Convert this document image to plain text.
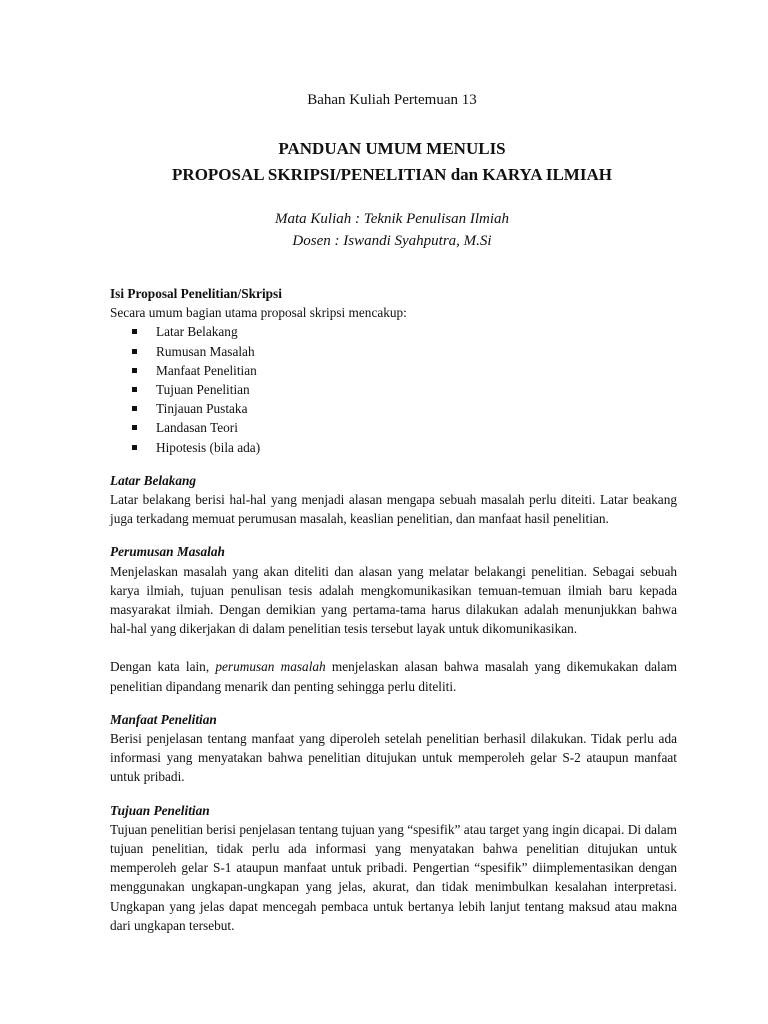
Bahan Kuliah Pertemuan 13
PANDUAN UMUM MENULIS
PROPOSAL SKRIPSI/PENELITIAN dan KARYA ILMIAH
Mata Kuliah : Teknik Penulisan Ilmiah
Dosen : Iswandi Syahputra, M.Si
Isi Proposal Penelitian/Skripsi
Secara umum bagian utama proposal skripsi mencakup:
Latar Belakang
Rumusan Masalah
Manfaat Penelitian
Tujuan Penelitian
Tinjauan Pustaka
Landasan Teori
Hipotesis (bila ada)
Latar Belakang
Latar belakang berisi hal-hal yang menjadi alasan mengapa sebuah masalah perlu diteiti. Latar beakang juga terkadang memuat perumusan masalah, keaslian penelitian, dan manfaat hasil penelitian.
Perumusan Masalah
Menjelaskan masalah yang akan diteliti dan alasan yang melatar belakangi penelitian. Sebagai sebuah karya ilmiah, tujuan penulisan tesis adalah mengkomunikasikan temuan-temuan ilmiah baru kepada masyarakat ilmiah. Dengan demikian yang pertama-tama harus dilakukan adalah menunjukkan bahwa hal-hal yang dikerjakan di dalam penelitian tesis tersebut layak untuk dikomunikasikan.
Dengan kata lain, perumusan masalah menjelaskan alasan bahwa masalah yang dikemukakan dalam penelitian dipandang menarik dan penting sehingga perlu diteliti.
Manfaat Penelitian
Berisi penjelasan tentang manfaat yang diperoleh setelah penelitian berhasil dilakukan. Tidak perlu ada informasi yang menyatakan bahwa penelitian ditujukan untuk memperoleh gelar S-2 ataupun manfaat untuk pribadi.
Tujuan Penelitian
Tujuan penelitian berisi penjelasan tentang tujuan yang “spesifik” atau target yang ingin dicapai. Di dalam tujuan penelitian, tidak perlu ada informasi yang menyatakan bahwa penelitian ditujukan untuk memperoleh gelar S-1 ataupun manfaat untuk pribadi. Pengertian “spesifik” diimplementasikan dengan menggunakan ungkapan-ungkapan yang jelas, akurat, dan tidak menimbulkan kesalahan interpretasi. Ungkapan yang jelas dapat mencegah pembaca untuk bertanya lebih lanjut tentang maksud atau makna dari ungkapan tersebut.
